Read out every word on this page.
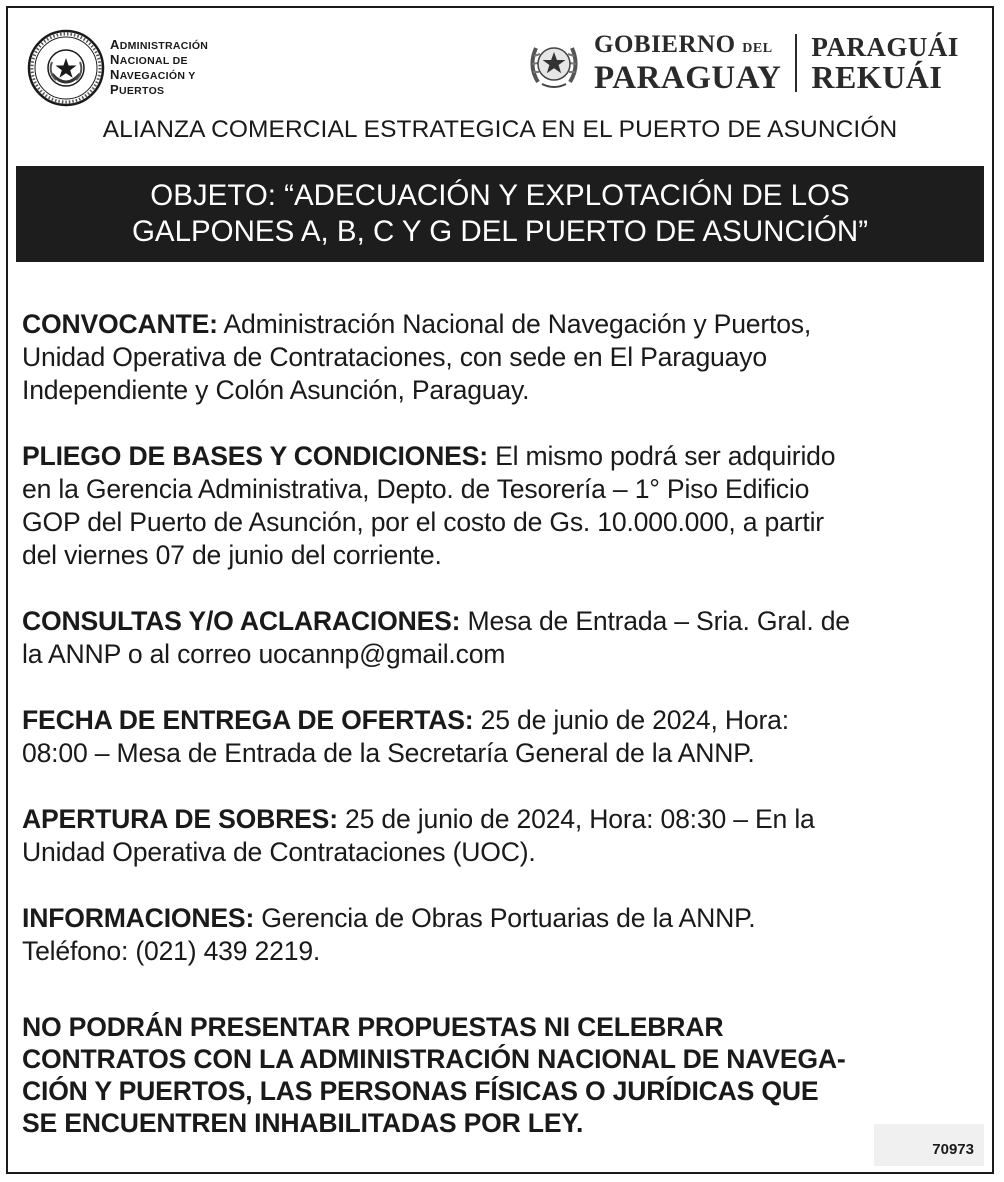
ADMINISTRACIÓN
NACIONAL DE
NAVEGACIÓN Y
PUERTOS
GOBIERNO DEL
PARAGUAY
PARAGUÁI
REKUÁI
ALIANZA COMERCIAL ESTRATEGICA EN EL PUERTO DE ASUNCIÓN
OBJETO: “ADECUACIÓN Y EXPLOTACIÓN DE LOS
GALPONES A, B, C Y G DEL PUERTO DE ASUNCIÓN”

CONVOCANTE: Administración Nacional de Navegación y Puertos,
Unidad Operativa de Contrataciones, con sede en El Paraguayo
Independiente y Colón Asunción, Paraguay.

PLIEGO DE BASES Y CONDICIONES: El mismo podrá ser adquirido
en la Gerencia Administrativa, Depto. de Tesorería – 1° Piso Edificio
GOP del Puerto de Asunción, por el costo de Gs. 10.000.000, a partir
del viernes 07 de junio del corriente.

CONSULTAS Y/O ACLARACIONES: Mesa de Entrada – Sria. Gral. de
la ANNP o al correo uocannp@gmail.com

FECHA DE ENTREGA DE OFERTAS: 25 de junio de 2024, Hora:
08:00 – Mesa de Entrada de la Secretaría General de la ANNP.

APERTURA DE SOBRES: 25 de junio de 2024, Hora: 08:30 – En la
Unidad Operativa de Contrataciones (UOC).

INFORMACIONES: Gerencia de Obras Portuarias de la ANNP.
Teléfono: (021) 439 2219.

NO PODRÁN PRESENTAR PROPUESTAS NI CELEBRAR
CONTRATOS CON LA ADMINISTRACIÓN NACIONAL DE NAVEGA-
CIÓN Y PUERTOS, LAS PERSONAS FÍSICAS O JURÍDICAS QUE
SE ENCUENTREN INHABILITADAS POR LEY.
70973
